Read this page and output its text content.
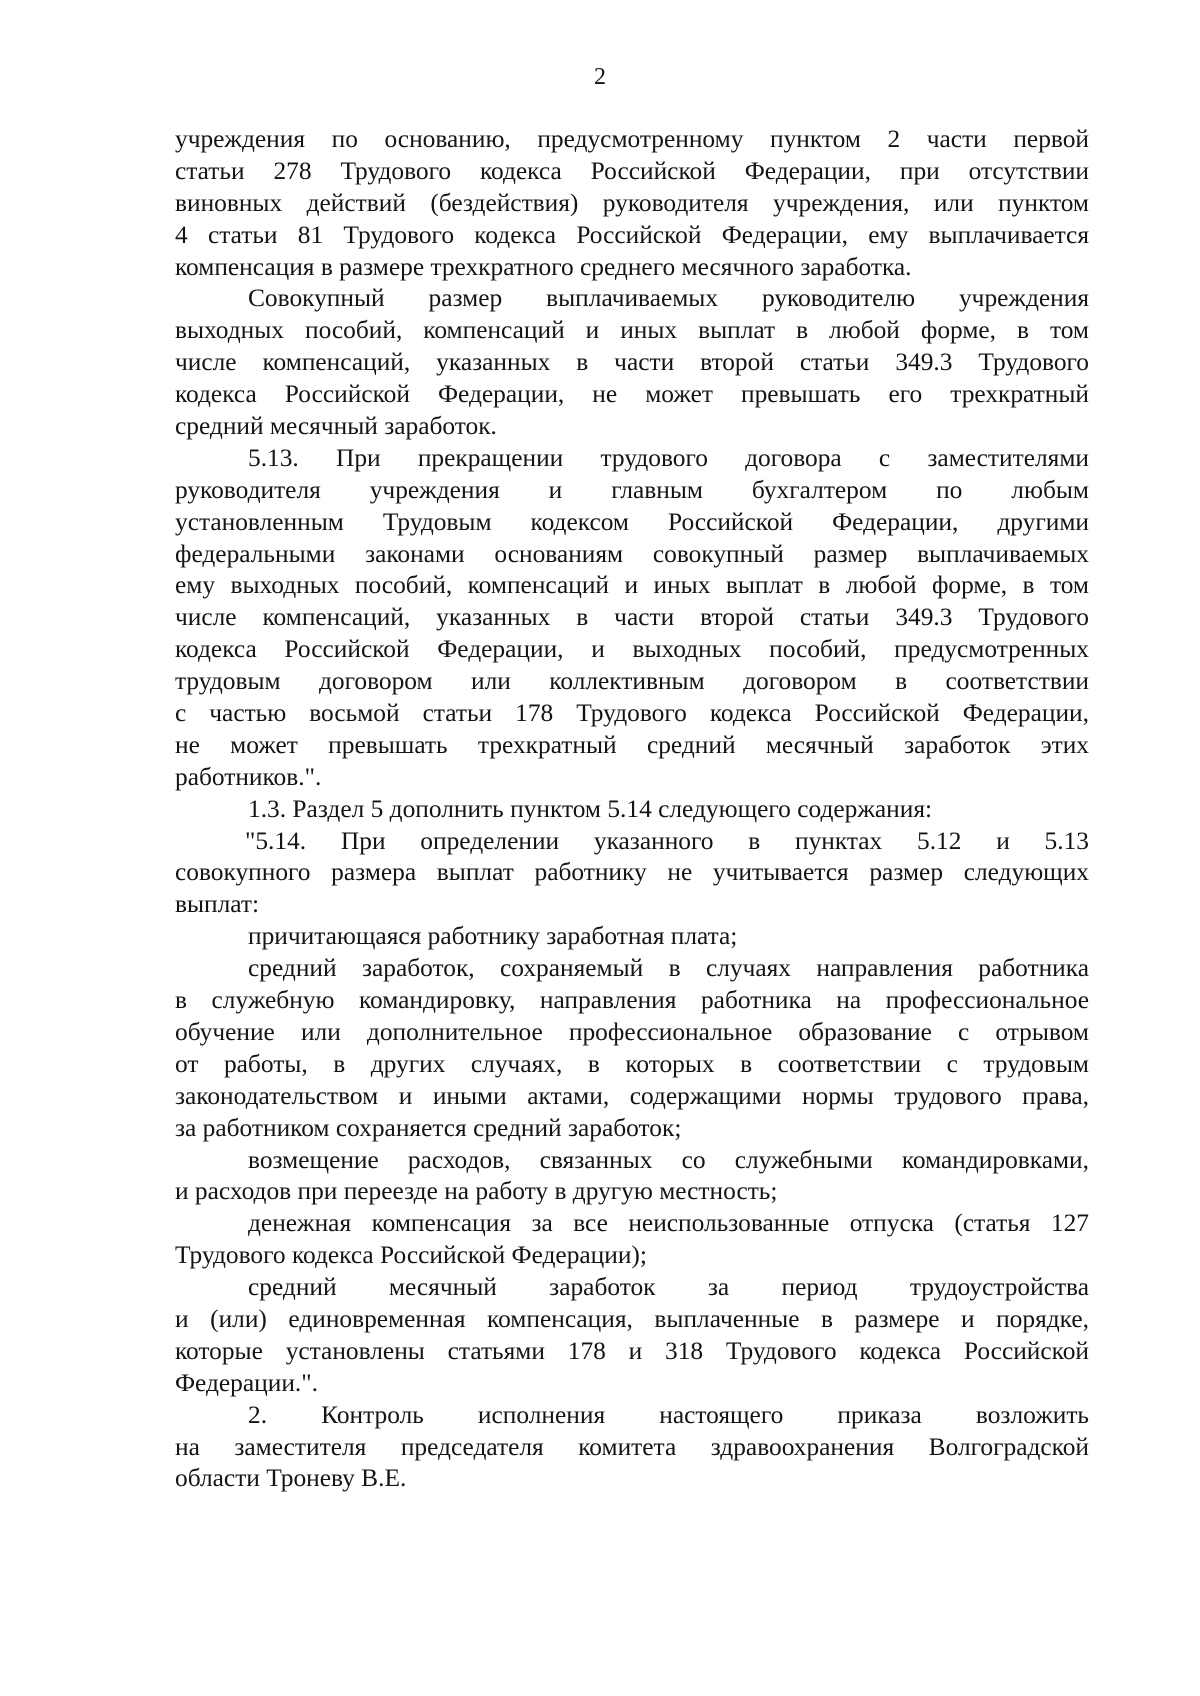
2
учреждения по основанию, предусмотренному пунктом 2 части первой
статьи 278 Трудового кодекса Российской Федерации, при отсутствии
виновных действий (бездействия) руководителя учреждения, или пунктом
4 статьи 81 Трудового кодекса Российской Федерации, ему выплачивается
компенсация в размере трехкратного среднего месячного заработка.
Совокупный размер выплачиваемых руководителю учреждения
выходных пособий, компенсаций и иных выплат в любой форме, в том
числе компенсаций, указанных в части второй статьи 349.3 Трудового
кодекса Российской Федерации, не может превышать его трехкратный
средний месячный заработок.
5.13. При прекращении трудового договора с заместителями
руководителя учреждения и главным бухгалтером по любым
установленным Трудовым кодексом Российской Федерации, другими
федеральными законами основаниям совокупный размер выплачиваемых
ему выходных пособий, компенсаций и иных выплат в любой форме, в том
числе компенсаций, указанных в части второй статьи 349.3 Трудового
кодекса Российской Федерации, и выходных пособий, предусмотренных
трудовым договором или коллективным договором в соответствии
с частью восьмой статьи 178 Трудового кодекса Российской Федерации,
не может превышать трехкратный средний месячный заработок этих
работников.".
1.3. Раздел 5 дополнить пунктом 5.14 следующего содержания:
"5.14. При определении указанного в пунктах 5.12 и 5.13
совокупного размера выплат работнику не учитывается размер следующих
выплат:
причитающаяся работнику заработная плата;
средний заработок, сохраняемый в случаях направления работника
в служебную командировку, направления работника на профессиональное
обучение или дополнительное профессиональное образование с отрывом
от работы, в других случаях, в которых в соответствии с трудовым
законодательством и иными актами, содержащими нормы трудового права,
за работником сохраняется средний заработок;
возмещение расходов, связанных со служебными командировками,
и расходов при переезде на работу в другую местность;
денежная компенсация за все неиспользованные отпуска (статья 127
Трудового кодекса Российской Федерации);
средний месячный заработок за период трудоустройства
и (или) единовременная компенсация, выплаченные в размере и порядке,
которые установлены статьями 178 и 318 Трудового кодекса Российской
Федерации.".
2. Контроль исполнения настоящего приказа возложить
на заместителя председателя комитета здравоохранения Волгоградской
области Троневу В.Е.
